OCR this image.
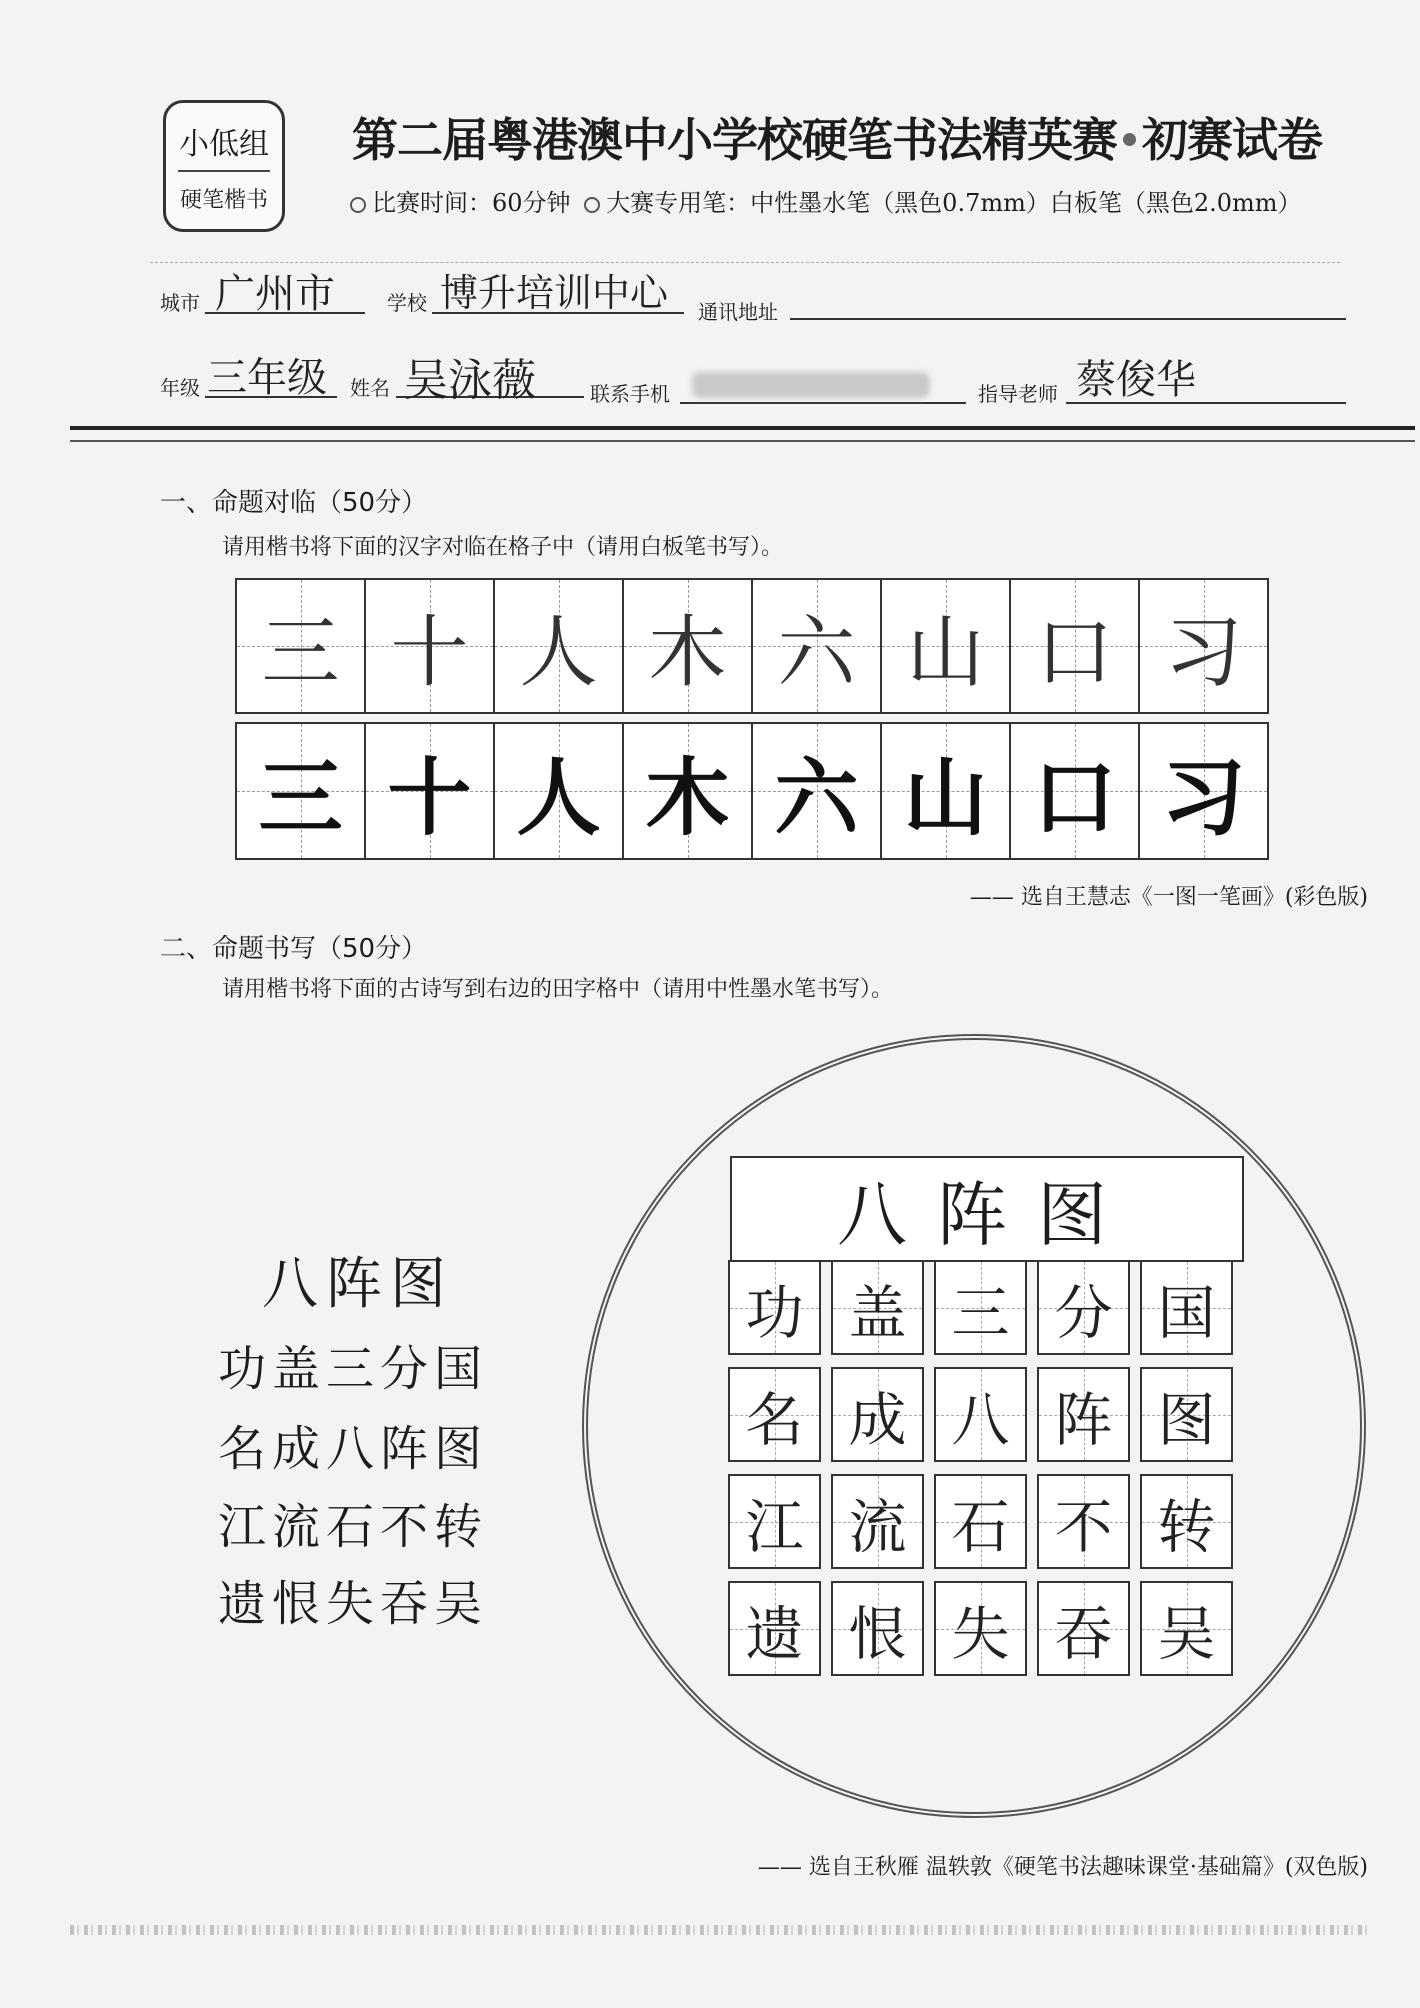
小低组
硬笔楷书
第二届粤港澳中小学校硬笔书法精英赛 初赛试卷
比赛时间：60分钟 大赛专用笔：中性墨水笔（黑色0.7mm）白板笔（黑色2.0mm）
城市 广州市	学校 博升培训中心 通讯地址
年级 三年级 姓名 吴泳薇	联系手机	指导老师 蔡俊华
一、命题对临（50分）
请用楷书将下面的汉字对临在格子中（请用白板笔书写）。
三 十 人 木 六 山 口 习
三 十 人 木 六 山 口 习
—— 选自王慧志《一图一笔画》(彩色版)
二、命题书写（50分）
请用楷书将下面的古诗写到右边的田字格中（请用中性墨水笔书写）。
八阵图
功盖三分国
名成八阵图
江流石不转
遗恨失吞吴
八阵图
功 盖 三 分 国
名 成 八 阵 图
江 流 石 不 转
遗 恨 失 吞 吴
—— 选自王秋雁 温轶敦《硬笔书法趣味课堂·基础篇》(双色版)
